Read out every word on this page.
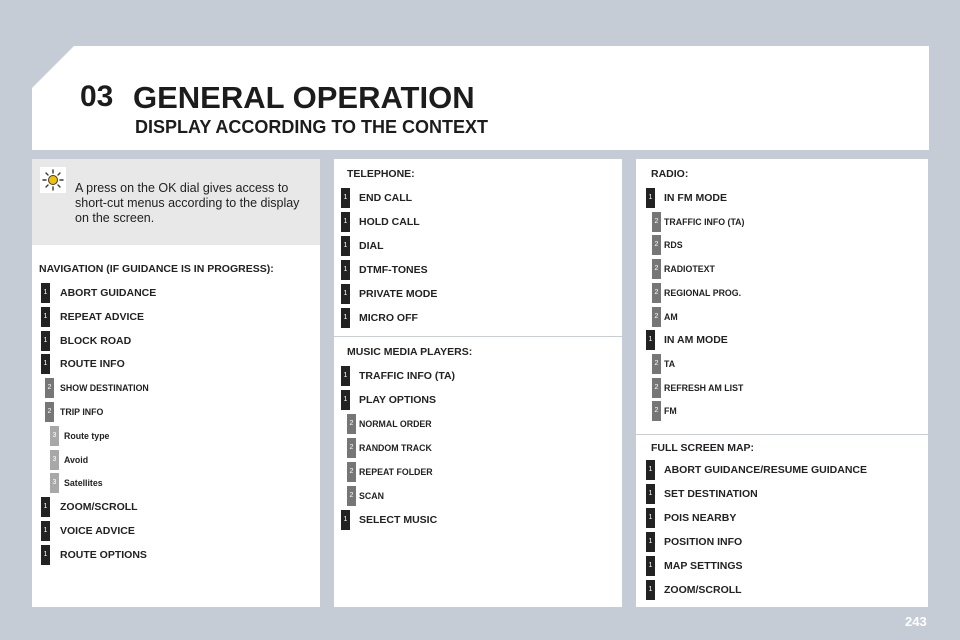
03 GENERAL OPERATION
DISPLAY ACCORDING TO THE CONTEXT
A press on the OK dial gives access to short-cut menus according to the display on the screen.
NAVIGATION (IF GUIDANCE IS IN PROGRESS):
1 ABORT GUIDANCE
1 REPEAT ADVICE
1 BLOCK ROAD
1 ROUTE INFO
2 SHOW DESTINATION
2 TRIP INFO
3 Route type
3 Avoid
3 Satellites
1 ZOOM/SCROLL
1 VOICE ADVICE
1 ROUTE OPTIONS
TELEPHONE:
1 END CALL
1 HOLD CALL
1 DIAL
1 DTMF-TONES
1 PRIVATE MODE
1 MICRO OFF
MUSIC MEDIA PLAYERS:
1 TRAFFIC INFO (TA)
1 PLAY OPTIONS
2 NORMAL ORDER
2 RANDOM TRACK
2 REPEAT FOLDER
2 SCAN
1 SELECT MUSIC
RADIO:
1 IN FM MODE
2 TRAFFIC INFO (TA)
2 RDS
2 RADIOTEXT
2 REGIONAL PROG.
2 AM
1 IN AM MODE
2 TA
2 REFRESH AM LIST
2 FM
FULL SCREEN MAP:
1 ABORT GUIDANCE/RESUME GUIDANCE
1 SET DESTINATION
1 POIS NEARBY
1 POSITION INFO
1 MAP SETTINGS
1 ZOOM/SCROLL
243
